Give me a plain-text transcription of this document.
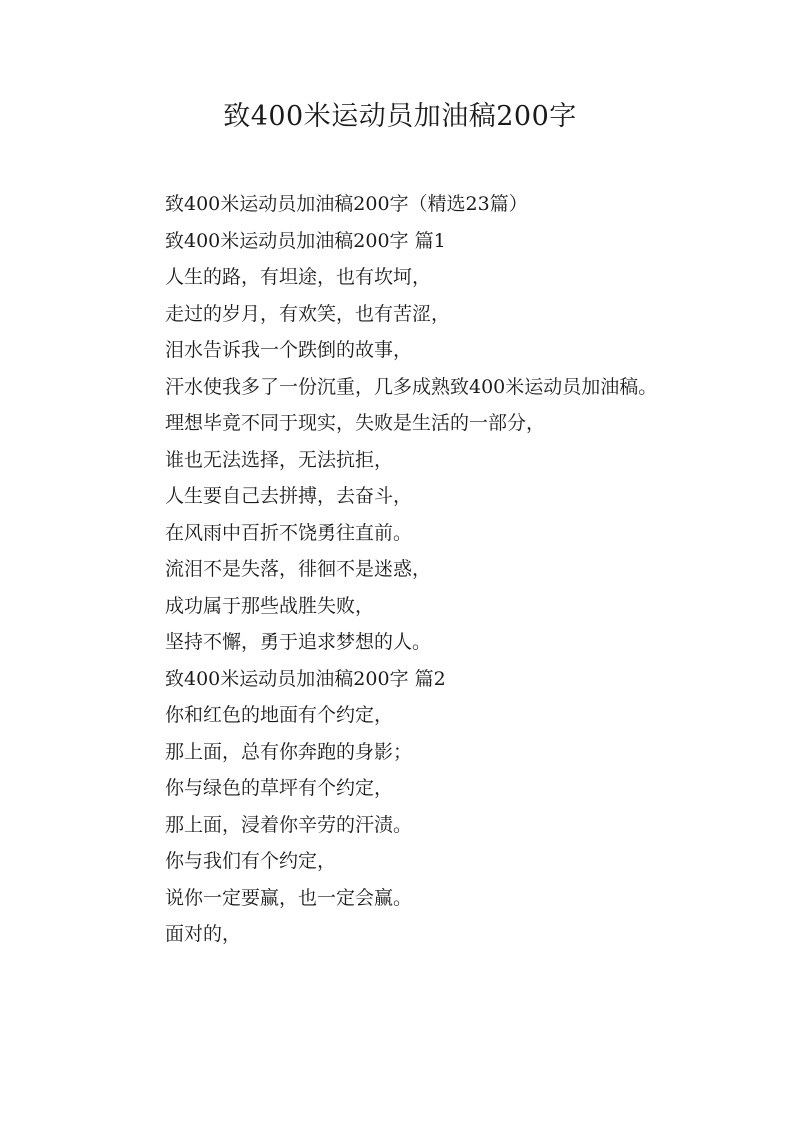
致400米运动员加油稿200字

致400米运动员加油稿200字（精选23篇）

致400米运动员加油稿200字 篇1

人生的路，有坦途，也有坎坷，

走过的岁月，有欢笑，也有苦涩，

泪水告诉我一个跌倒的故事，

汗水使我多了一份沉重，几多成熟致400米运动员加油稿。

理想毕竟不同于现实，失败是生活的一部分，

谁也无法选择，无法抗拒，

人生要自己去拼搏，去奋斗，

在风雨中百折不饶勇往直前。

流泪不是失落，徘徊不是迷惑，

成功属于那些战胜失败，

坚持不懈，勇于追求梦想的人。

致400米运动员加油稿200字 篇2

你和红色的地面有个约定，

那上面，总有你奔跑的身影；

你与绿色的草坪有个约定，

那上面，浸着你辛劳的汗渍。

你与我们有个约定，

说你一定要赢，也一定会赢。

面对的，
